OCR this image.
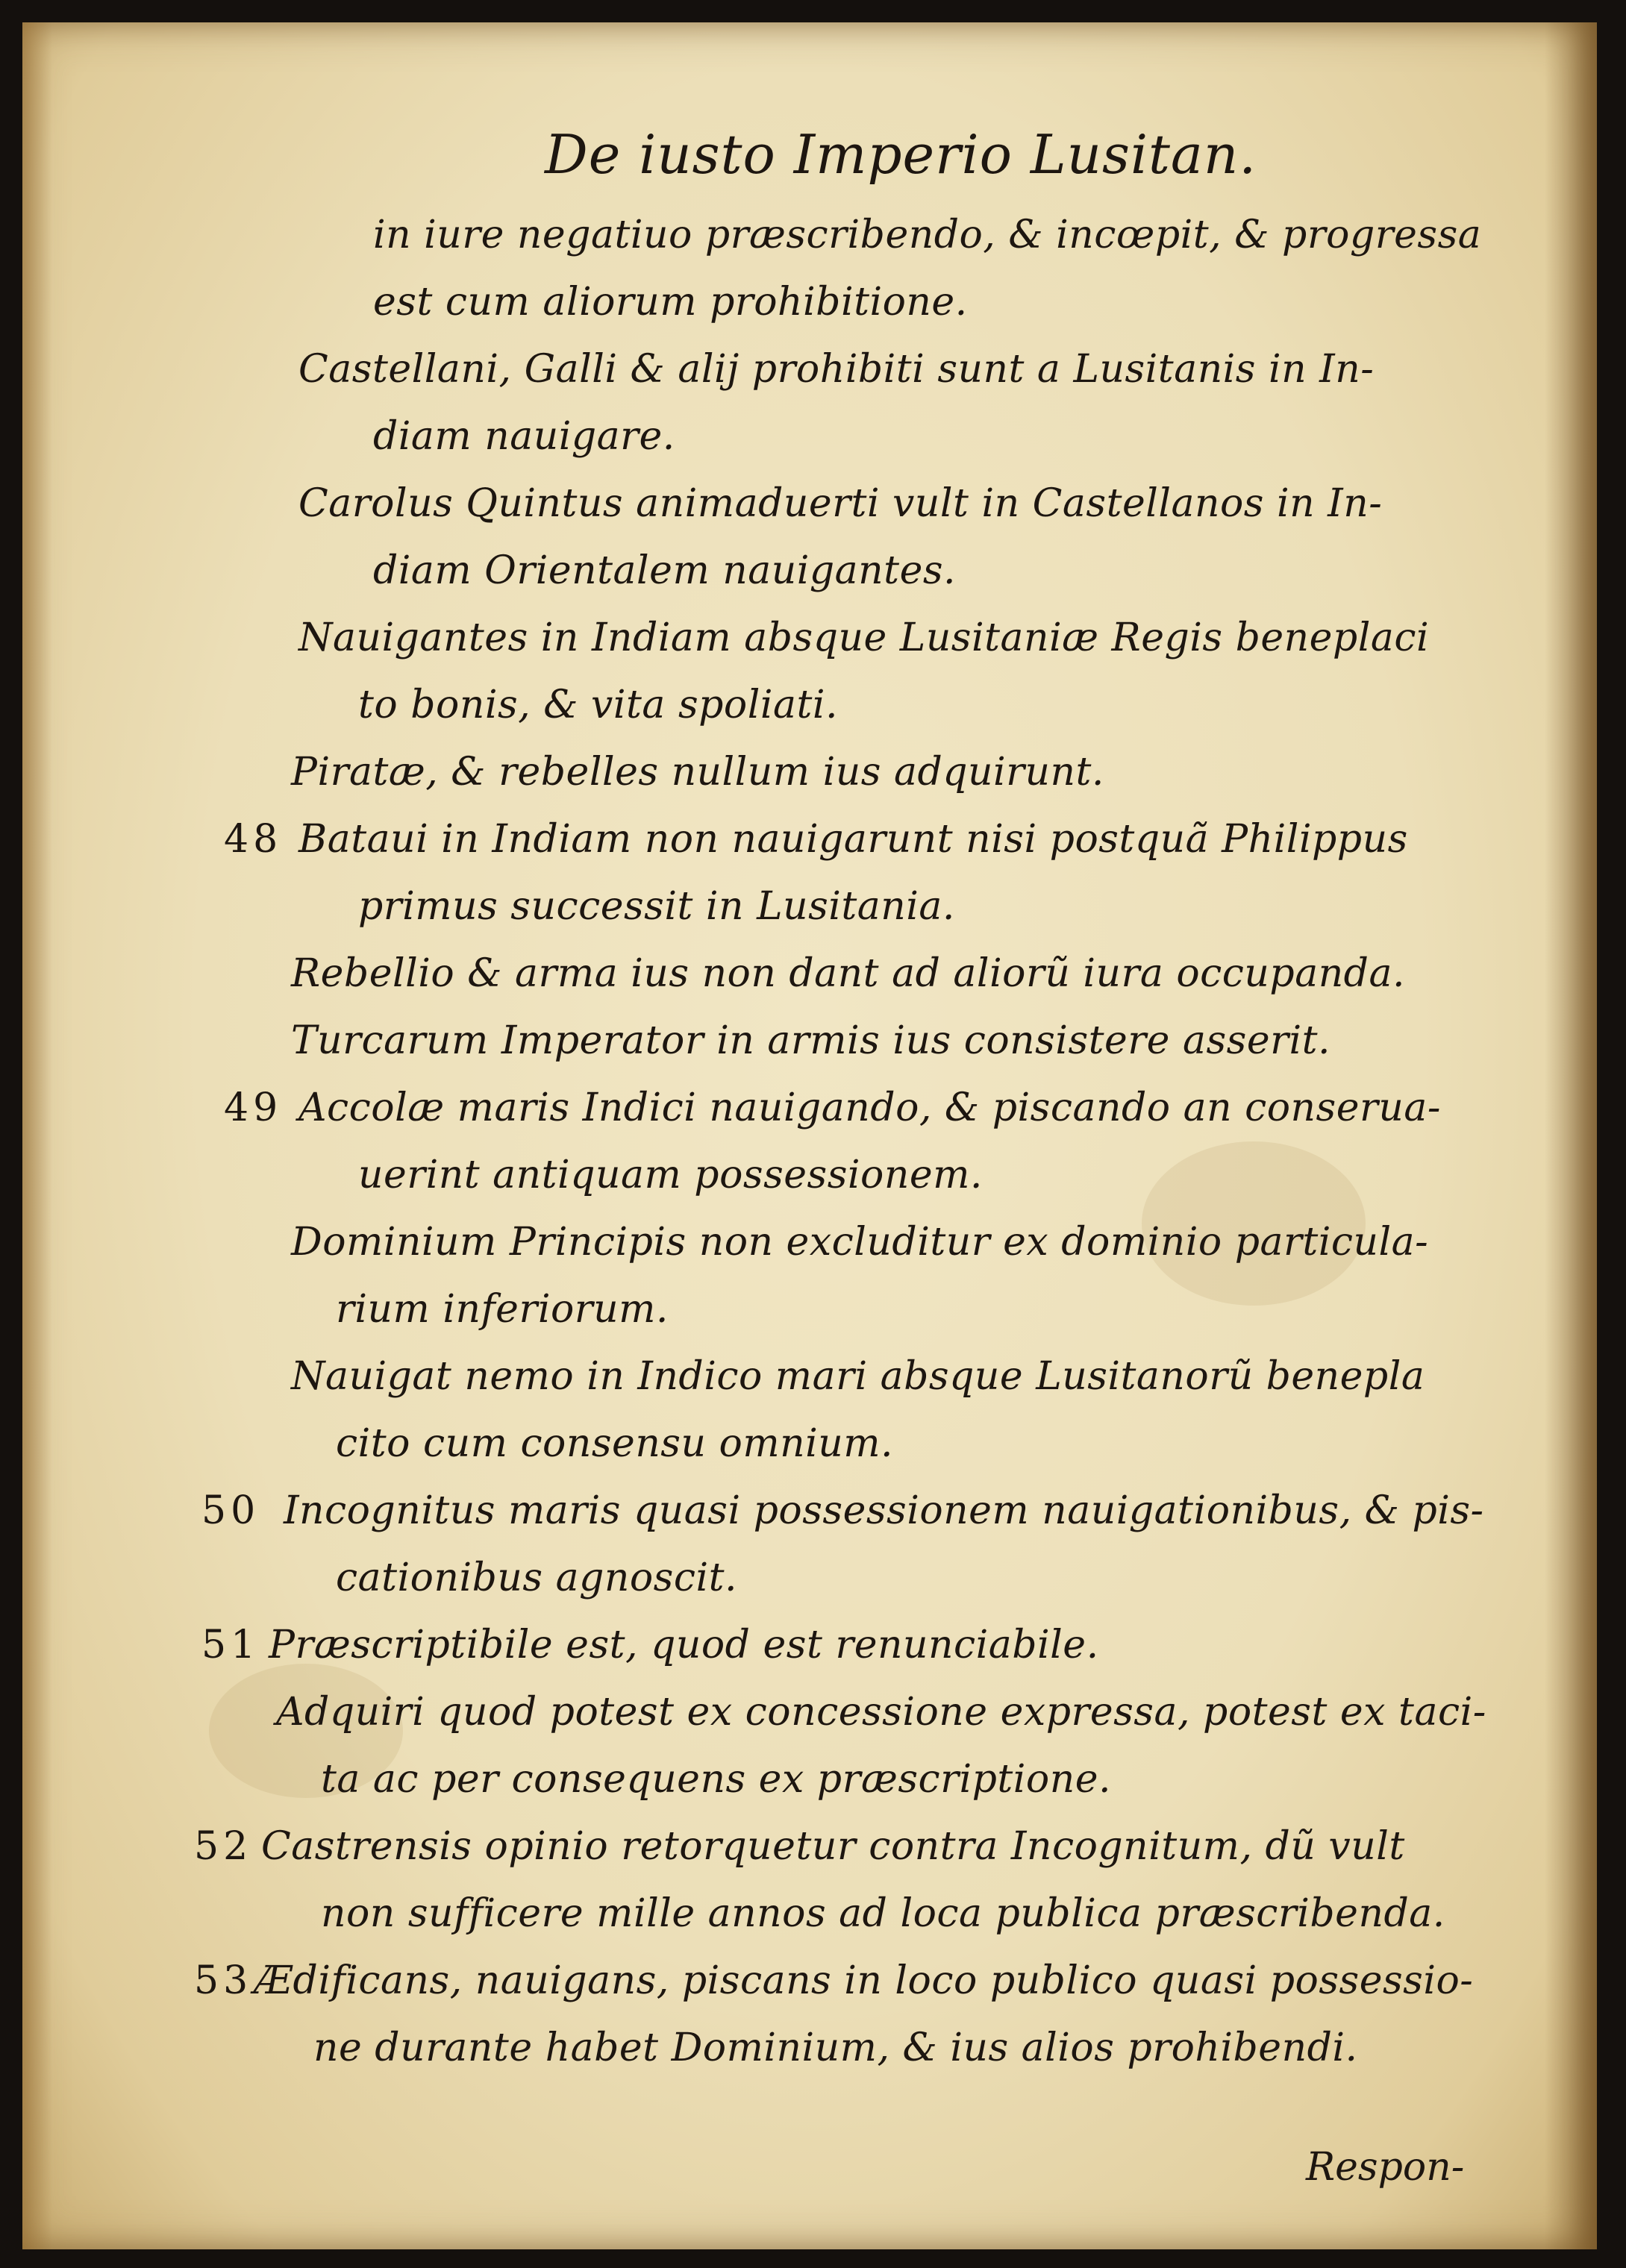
De iusto Imperio Lusitan.
in iure negatiuo præscribendo, & incœpit, & progressa
est cum aliorum prohibitione.
Castellani, Galli & alij prohibiti sunt a Lusitanis in In-
diam nauigare.
Carolus Quintus animaduerti vult in Castellanos in In-
diam Orientalem nauigantes.
Nauigantes in Indiam absque Lusitaniæ Regis beneplaci
to bonis, & vita spoliati.
Piratæ, & rebelles nullum ius adquirunt.
48 Bataui in Indiam non nauigarunt nisi postquã Philippus
primus successit in Lusitania.
Rebellio & arma ius non dant ad aliorũ iura occupanda.
Turcarum Imperator in armis ius consistere asserit.
49 Accolæ maris Indici nauigando, & piscando an conserua-
uerint antiquam possessionem.
Dominium Principis non excluditur ex dominio particula-
rium inferiorum.
Nauigat nemo in Indico mari absque Lusitanorũ benepla
cito cum consensu omnium.
50 Incognitus maris quasi possessionem nauigationibus, & pis-
cationibus agnoscit.
51 Præscriptibile est, quod est renunciabile.
Adquiri quod potest ex concessione expressa, potest ex taci-
ta ac per consequens ex præscriptione.
52 Castrensis opinio retorquetur contra Incognitum, dũ vult
non sufficere mille annos ad loca publica præscribenda.
53 Ædificans, nauigans, piscans in loco publico quasi possessio-
ne durante habet Dominium, & ius alios prohibendi.
Respon-
